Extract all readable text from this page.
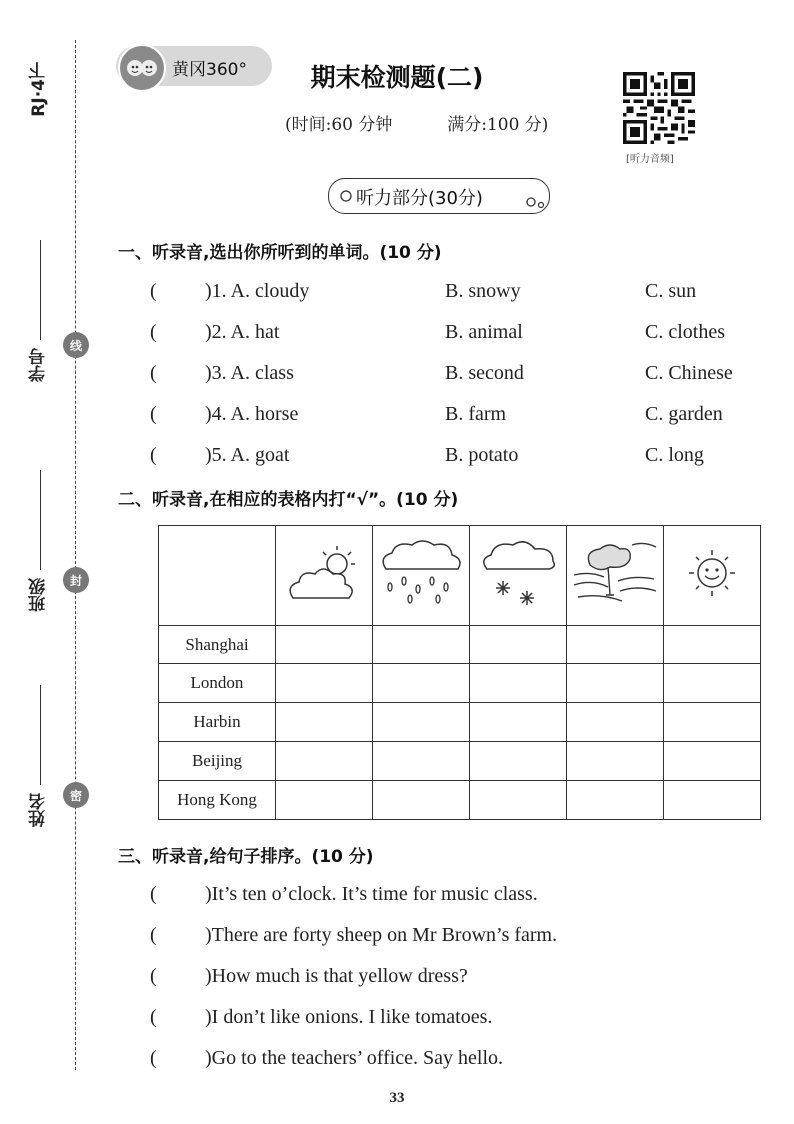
RJ·4下
学号
班级
姓名
线
封
密
黄冈360°	期末检测题(二)
(时间:60 分钟	满分:100 分)
[听力音频]
听力部分(30分)
一、听录音,选出你所听到的单词。(10 分)
( )1. A. cloudy	B. snowy	C. sun
( )2. A. hat	B. animal	C. clothes
( )3. A. class	B. second	C. Chinese
( )4. A. horse	B. farm	C. garden
( )5. A. goat	B. potato	C. long
二、听录音,在相应的表格内打“√”。(10 分)

Shanghai					
London					
Harbin					
Beijing					
Hong Kong					
三、听录音,给句子排序。(10 分)
( )It’s ten o’clock. It’s time for music class.
( )There are forty sheep on Mr Brown’s farm.
( )How much is that yellow dress?
( )I don’t like onions. I like tomatoes.
( )Go to the teachers’ office. Say hello.
33
